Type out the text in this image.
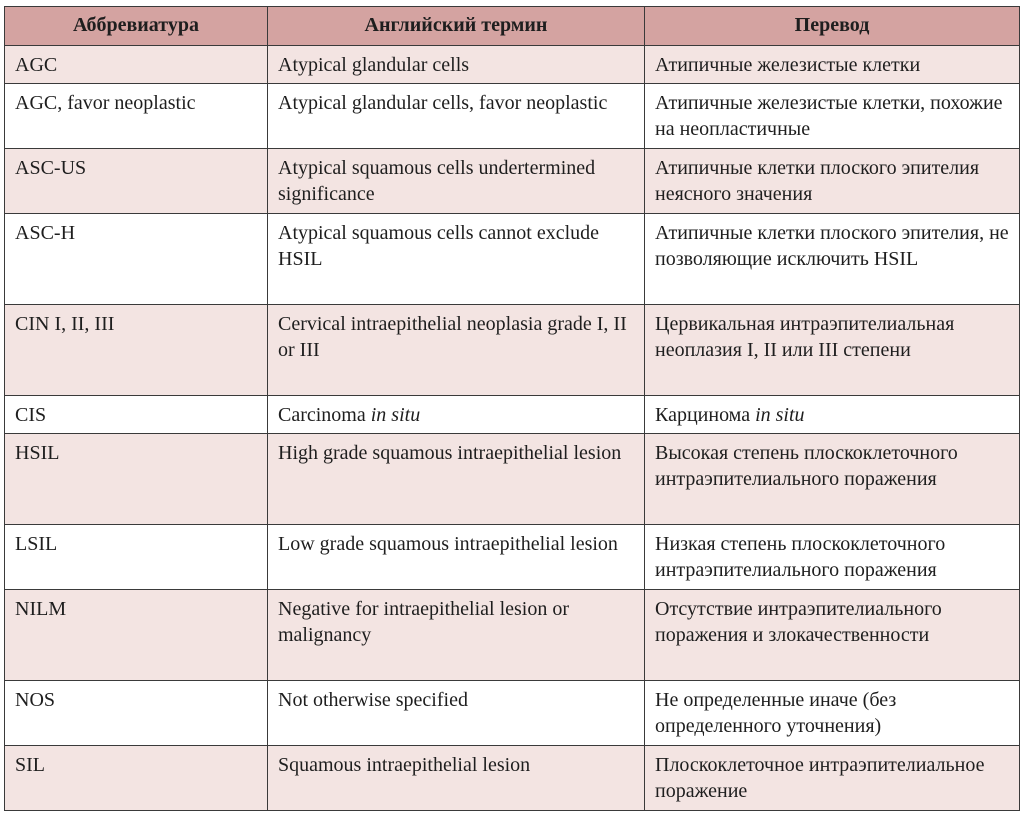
Аббревиатура	Английский термин	Перевод
AGC	Atypical glandular cells	Атипичные железистые клетки
AGC, favor neoplastic	Atypical glandular cells, favor neoplastic	Атипичные железистые клетки, похожие на неопластичные
ASC-US	Atypical squamous cells undertermined significance	Атипичные клетки плоского эпителия неясного значения
ASC-H	Atypical squamous cells cannot exclude HSIL	Атипичные клетки плоского эпителия, не позволяющие исключить HSIL
CIN I, II, III	Cervical intraepithelial neoplasia grade I, II or III	Цервикальная интраэпителиальная неоплазия I, II или III степени
CIS	Carcinoma in situ	Карцинома in situ
HSIL	High grade squamous intraepithelial lesion	Высокая степень плоскоклеточного интраэпителиального поражения
LSIL	Low grade squamous intraepithelial lesion	Низкая степень плоскоклеточного интраэпителиального поражения
NILM	Negative for intraepithelial lesion or malignancy	Отсутствие интраэпителиального поражения и злокачественности
NOS	Not otherwise specified	Не определенные иначе (без определенного уточнения)
SIL	Squamous intraepithelial lesion	Плоскоклеточное интраэпителиальное поражение
